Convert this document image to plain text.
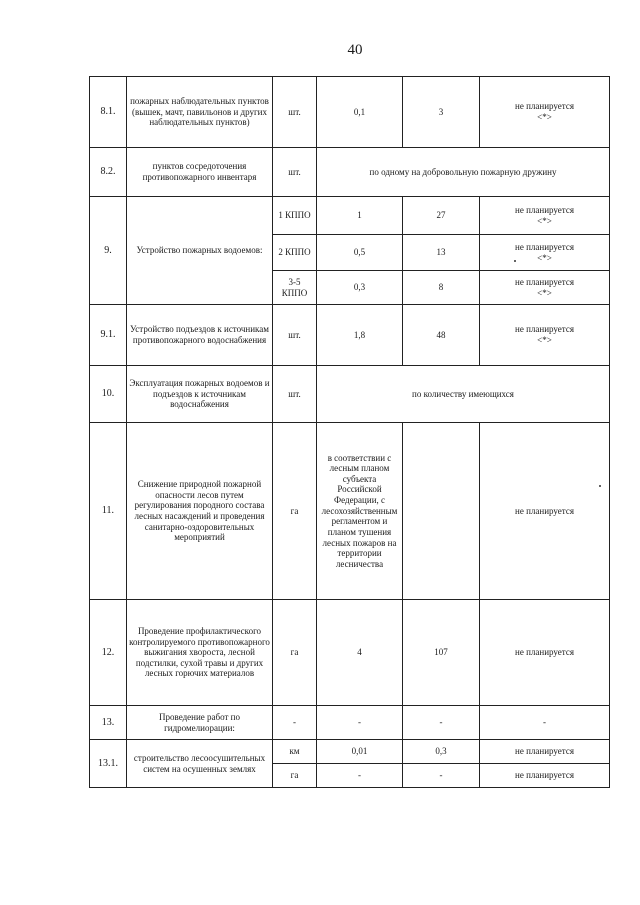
40
8.1.	пожарных наблюдательных пунктов (вышек, мачт, павильонов и других наблюдательных пунктов)	шт.	0,1	3	не планируется
<*>

8.2.	пунктов сосредоточения противопожарного инвентаря	шт.	по одному на добровольную пожарную дружину		
9.	Устройство пожарных водоемов:	1 КППО	1	27	не планируется
<*>

		2 КППО	0,5	13	не планируется
<*>

		3-5 КППО	0,3	8	не планируется
<*>

9.1.	Устройство подъездов к источникам противопожарного водоснабжения	шт.	1,8	48	не планируется
<*>

10.	Эксплуатация пожарных водоемов и подъездов к источникам водоснабжения	шт.	по количеству имеющихся		
11.	Снижение природной пожарной опасности лесов путем регулирования породного состава лесных насаждений и проведения санитарно-оздоровительных мероприятий	га	в соответствии с лесным планом субъекта Российской Федерации, с лесохозяйственным регламентом и планом тушения лесных пожаров на территории лесничества		не планируется

12.	Проведение профилактического контролируемого противопожарного выжигания хвороста, лесной подстилки, сухой травы и других лесных горючих материалов	га	4	107	не планируется
13.	Проведение работ по гидромелиорации:	-	-	-	-
13.1.	строительство лесоосушительных систем на осушенных землях	км	0,01	0,3	не планируется
		га	-	-	не планируется
